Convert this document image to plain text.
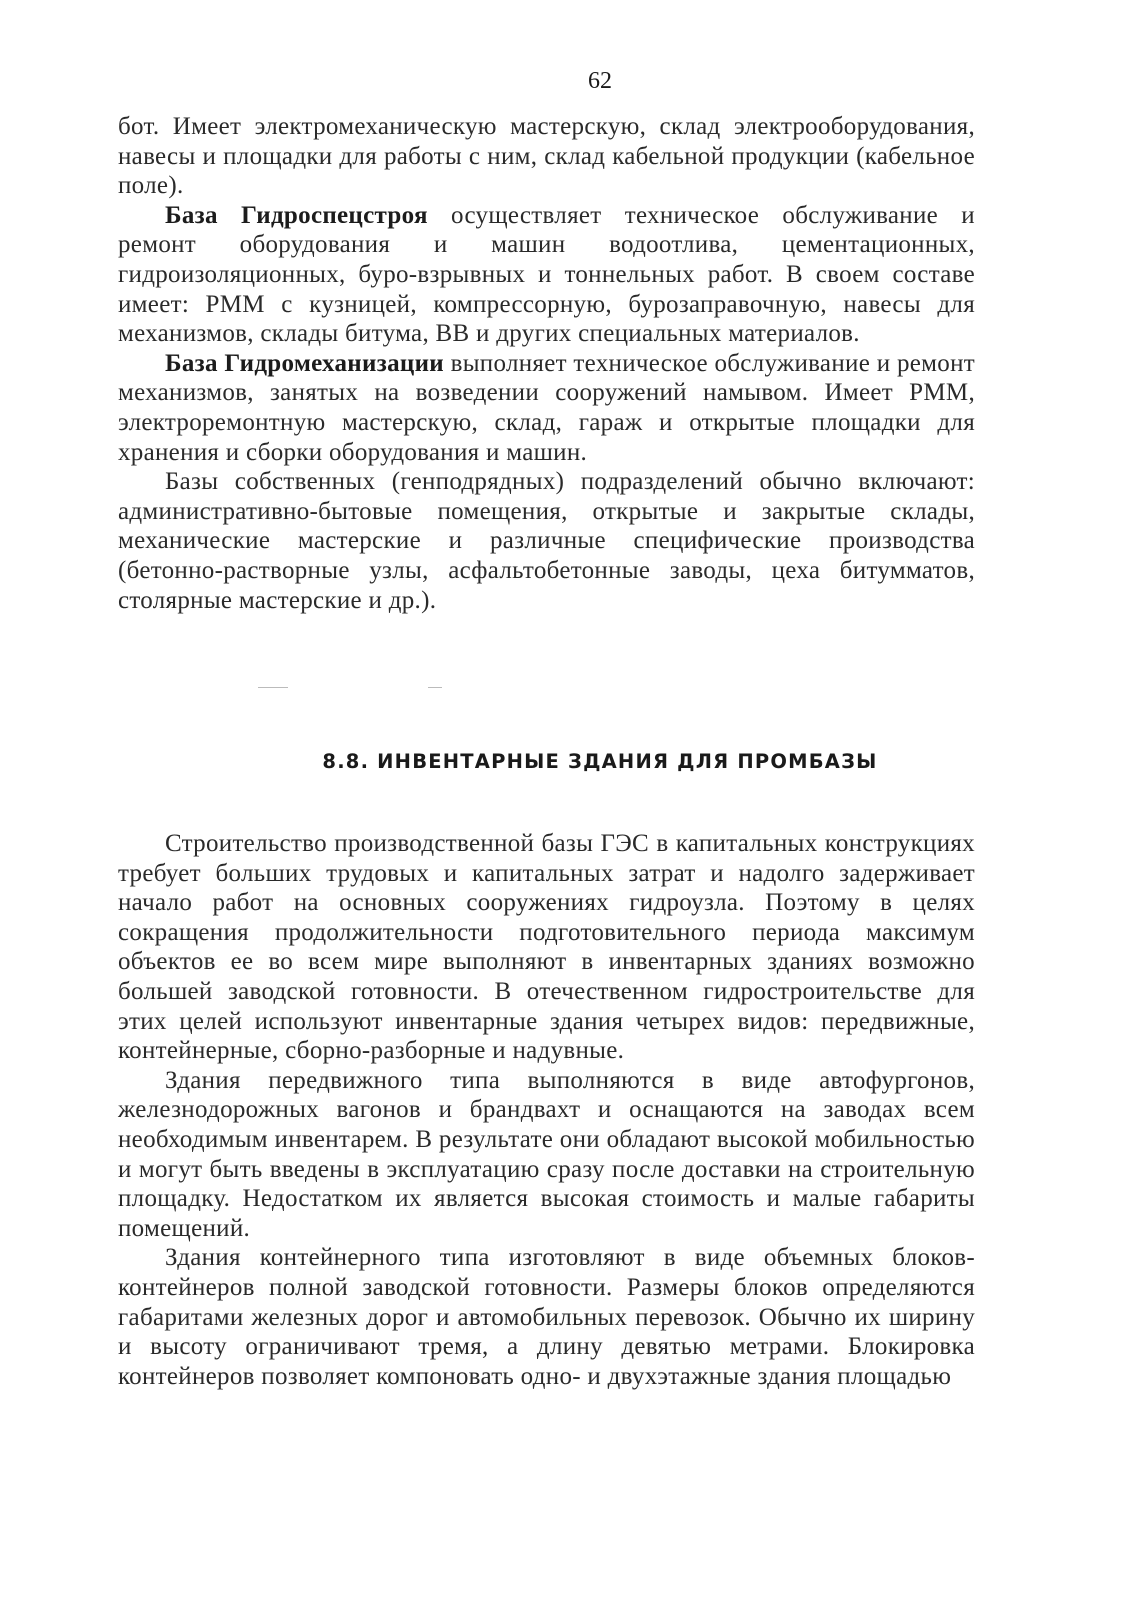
62

бот. Имеет электромеханическую мастерскую, склад электрооборудования, навесы и площадки для работы с ним, склад кабельной продукции (кабельное поле).

База Гидроспецстроя осуществляет техническое обслуживание и ремонт оборудования и машин водоотлива, цементационных, гидроизоляционных, буро-взрывных и тоннельных работ. В своем составе имеет: РММ с кузницей, компрессорную, бурозаправочную, навесы для механизмов, склады битума, ВВ и других специальных материалов.

База Гидромеханизации выполняет техническое обслуживание и ремонт механизмов, занятых на возведении сооружений намывом. Имеет РММ, электроремонтную мастерскую, склад, гараж и открытые площадки для хранения и сборки оборудования и машин.

Базы собственных (генподрядных) подразделений обычно включают: административно-бытовые помещения, открытые и закрытые склады, механические мастерские и различные специфические производства (бетонно-растворные узлы, асфальтобетонные заводы, цеха битумматов, столярные мастерские и др.).

8.8. ИНВЕНТАРНЫЕ ЗДАНИЯ ДЛЯ ПРОМБАЗЫ

Строительство производственной базы ГЭС в капитальных конструкциях требует больших трудовых и капитальных затрат и надолго задерживает начало работ на основных сооружениях гидроузла. Поэтому в целях сокращения продолжительности подготовительного периода максимум объектов ее во всем мире выполняют в инвентарных зданиях возможно большей заводской готовности. В отечественном гидростроительстве для этих целей используют инвентарные здания четырех видов: передвижные, контейнерные, сборно-разборные и надувные.

Здания передвижного типа выполняются в виде автофургонов, железнодорожных вагонов и брандвахт и оснащаются на заводах всем необходимым инвентарем. В результате они обладают высокой мобильностью и могут быть введены в эксплуатацию сразу после доставки на строительную площадку. Недостатком их является высокая стоимость и малые габариты помещений.

Здания контейнерного типа изготовляют в виде объемных блоков-контейнеров полной заводской готовности. Размеры блоков определяются габаритами железных дорог и автомобильных перевозок. Обычно их ширину и высоту ограничивают тремя, а длину девятью метрами. Блокировка контейнеров позволяет компоновать одно- и двухэтажные здания площадью
